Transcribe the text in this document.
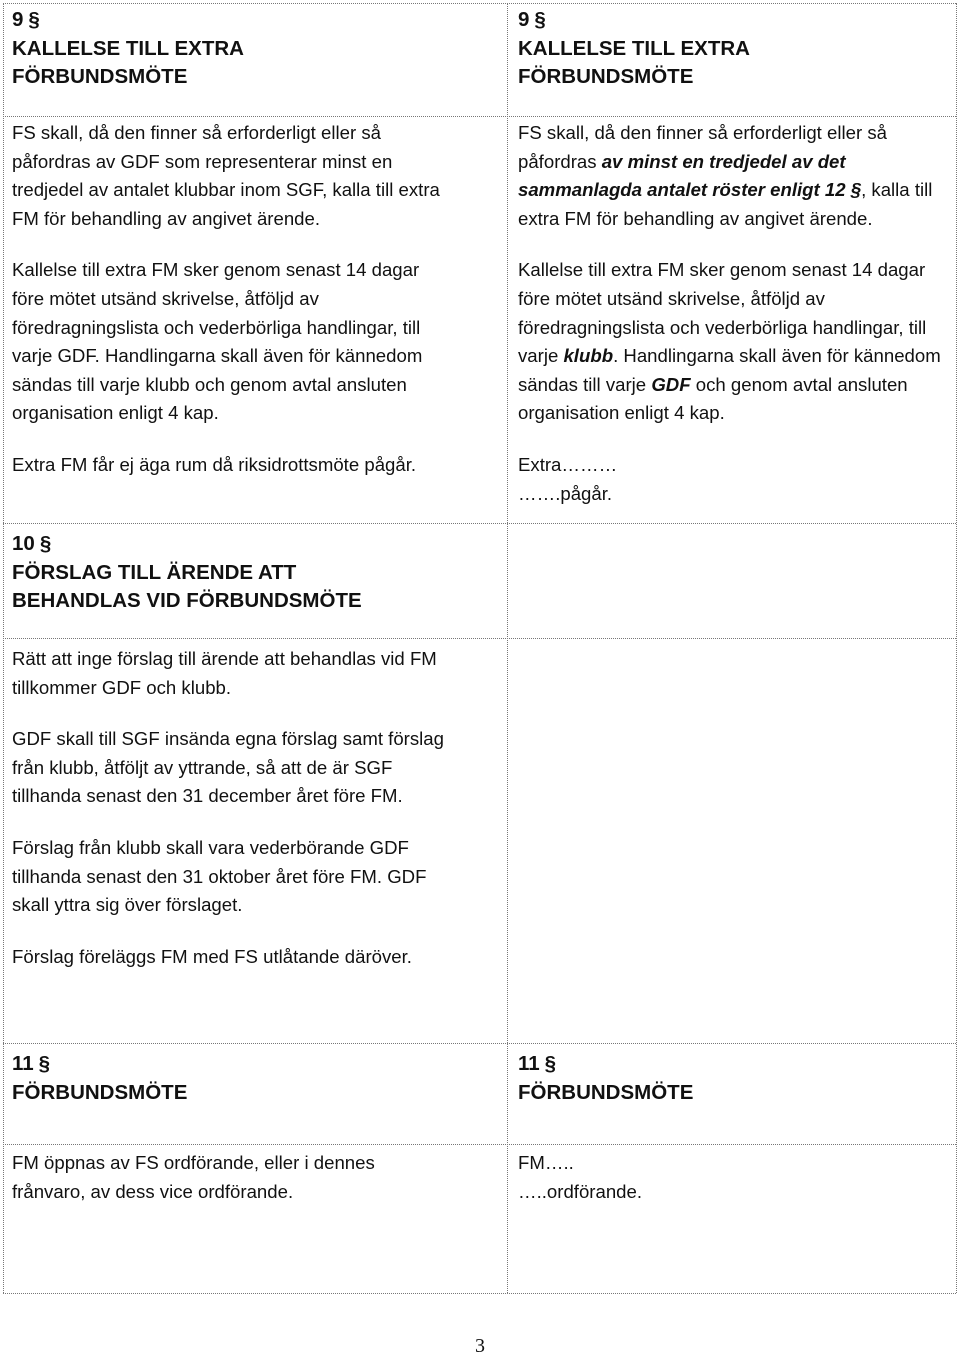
9 §
KALLELSE TILL EXTRA
FÖRBUNDSMÖTE

FS skall, då den finner så erforderligt eller så påfordras av GDF som representerar minst en tredjedel av antalet klubbar inom SGF, kalla till extra FM för behandling av angivet ärende.

Kallelse till extra FM sker genom senast 14 dagar före mötet utsänd skrivelse, åtföljd av föredragningslista och vederbörliga handlingar, till varje GDF. Handlingarna skall även för kännedom sändas till varje klubb och genom avtal ansluten organisation enligt 4 kap.

Extra FM får ej äga rum då riksidrottsmöte pågår.

10 §
FÖRSLAG TILL ÄRENDE ATT
BEHANDLAS VID FÖRBUNDSMÖTE

Rätt att inge förslag till ärende att behandlas vid FM tillkommer GDF och klubb.

GDF skall till SGF insända egna förslag samt förslag från klubb, åtföljt av yttrande, så att de är SGF tillhanda senast den 31 december året före FM.

Förslag från klubb skall vara vederbörande GDF tillhanda senast den 31 oktober året före FM. GDF skall yttra sig över förslaget.

Förslag föreläggs FM med FS utlåtande däröver.

11 §
FÖRBUNDSMÖTE

FM öppnas av FS ordförande, eller i dennes frånvaro, av dess vice ordförande.

9 §
KALLELSE TILL EXTRA
FÖRBUNDSMÖTE

FS skall, då den finner så erforderligt eller så påfordras av minst en tredjedel av det sammanlagda antalet röster enligt 12 §, kalla till extra FM för behandling av angivet ärende.

Kallelse till extra FM sker genom senast 14 dagar före mötet utsänd skrivelse, åtföljd av föredragningslista och vederbörliga handlingar, till varje klubb. Handlingarna skall även för kännedom sändas till varje GDF och genom avtal ansluten organisation enligt 4 kap.

Extra………
…….pågår.

11 §
FÖRBUNDSMÖTE

FM…..
…..ordförande.

3
